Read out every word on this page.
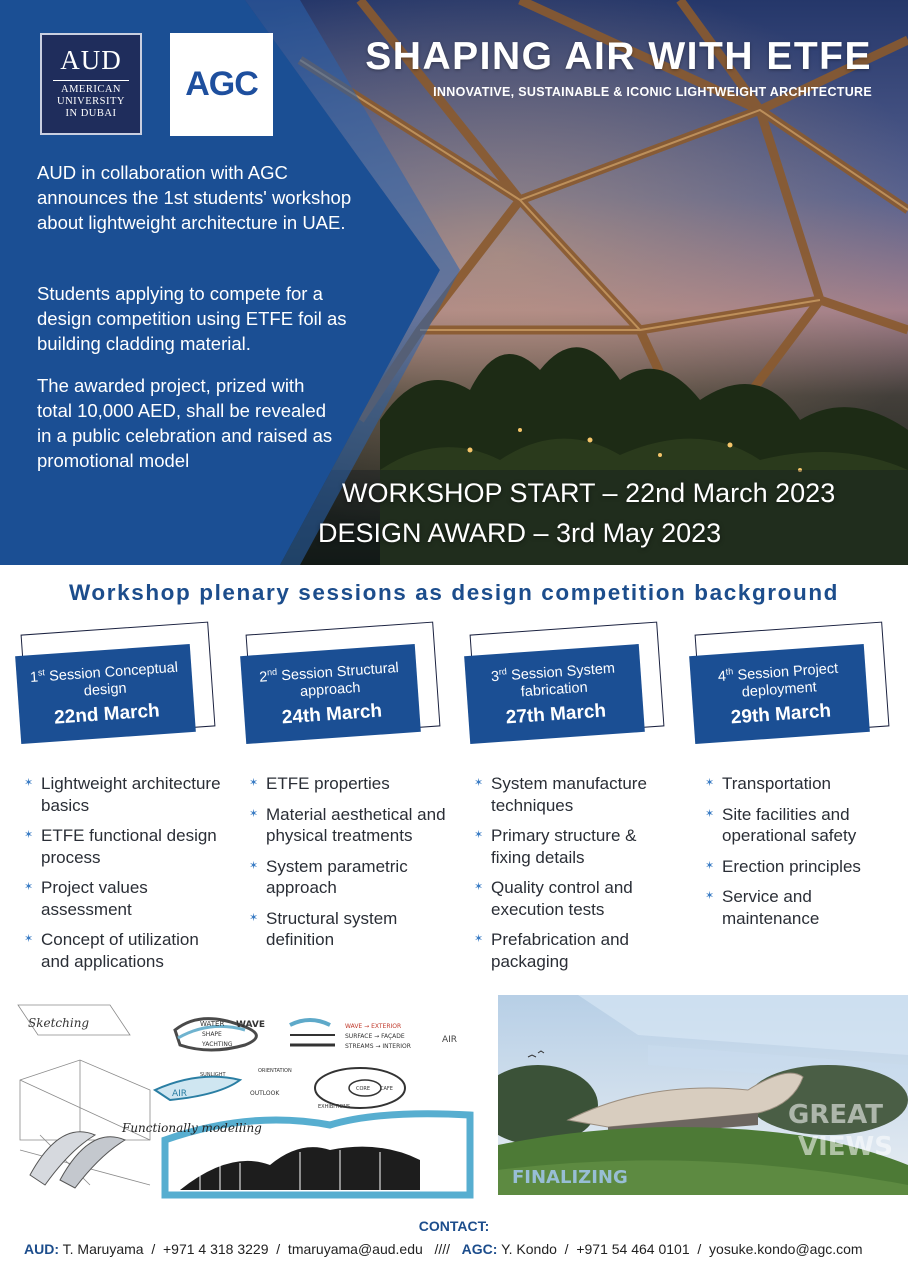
AUD
AMERICAN
UNIVERSITY
IN DUBAI
AGC
SHAPING AIR WITH ETFE
INNOVATIVE, SUSTAINABLE & ICONIC LIGHTWEIGHT ARCHITECTURE

AUD in collaboration with AGC announces the 1st students' workshop about lightweight architecture in UAE.

Students applying to compete for a design competition using ETFE foil as building cladding material.

The awarded project, prized with total 10,000 AED, shall be revealed in a public celebration and raised as promotional model

WORKSHOP START – 22nd March 2023
DESIGN AWARD – 3rd May 2023
Workshop plenary sessions as design competition background
1st Session Conceptual design
22nd March
2nd Session Structural approach
24th March
3rd Session System fabrication
27th March
4th Session Project deployment
29th March
✶ Lightweight architecture basics
✶ ETFE functional design process
✶ Project values assessment
✶ Concept of utilization and applications
✶ ETFE properties
✶ Material aesthetical and physical treatments
✶ System parametric approach
✶ Structural system definition
✶ System manufacture techniques
✶ Primary structure & fixing details
✶ Quality control and execution tests
✶ Prefabrication and packaging
✶ Transportation
✶ Site facilities and operational safety
✶ Erection principles
✶ Service and maintenance
Sketching	WATER WAVE
SHAPE
YACHTING
WAVE → EXTERIOR
SURFACE → FAÇADE
STREAMS → INTERIOR
AIR
AIR
SUNLIGHT
ORIENTATION
OUTLOOK
EXHIBITIONS
CORE CAFE
Functionally modelling
FINALIZING
GREAT
VIEWS
CONTACT:
AUD: T. Maruyama  /  +971 4 318 3229  /  tmaruyama@aud.edu   ////   AGC: Y. Kondo  /  +971 54 464 0101  /  yosuke.kondo@agc.com
